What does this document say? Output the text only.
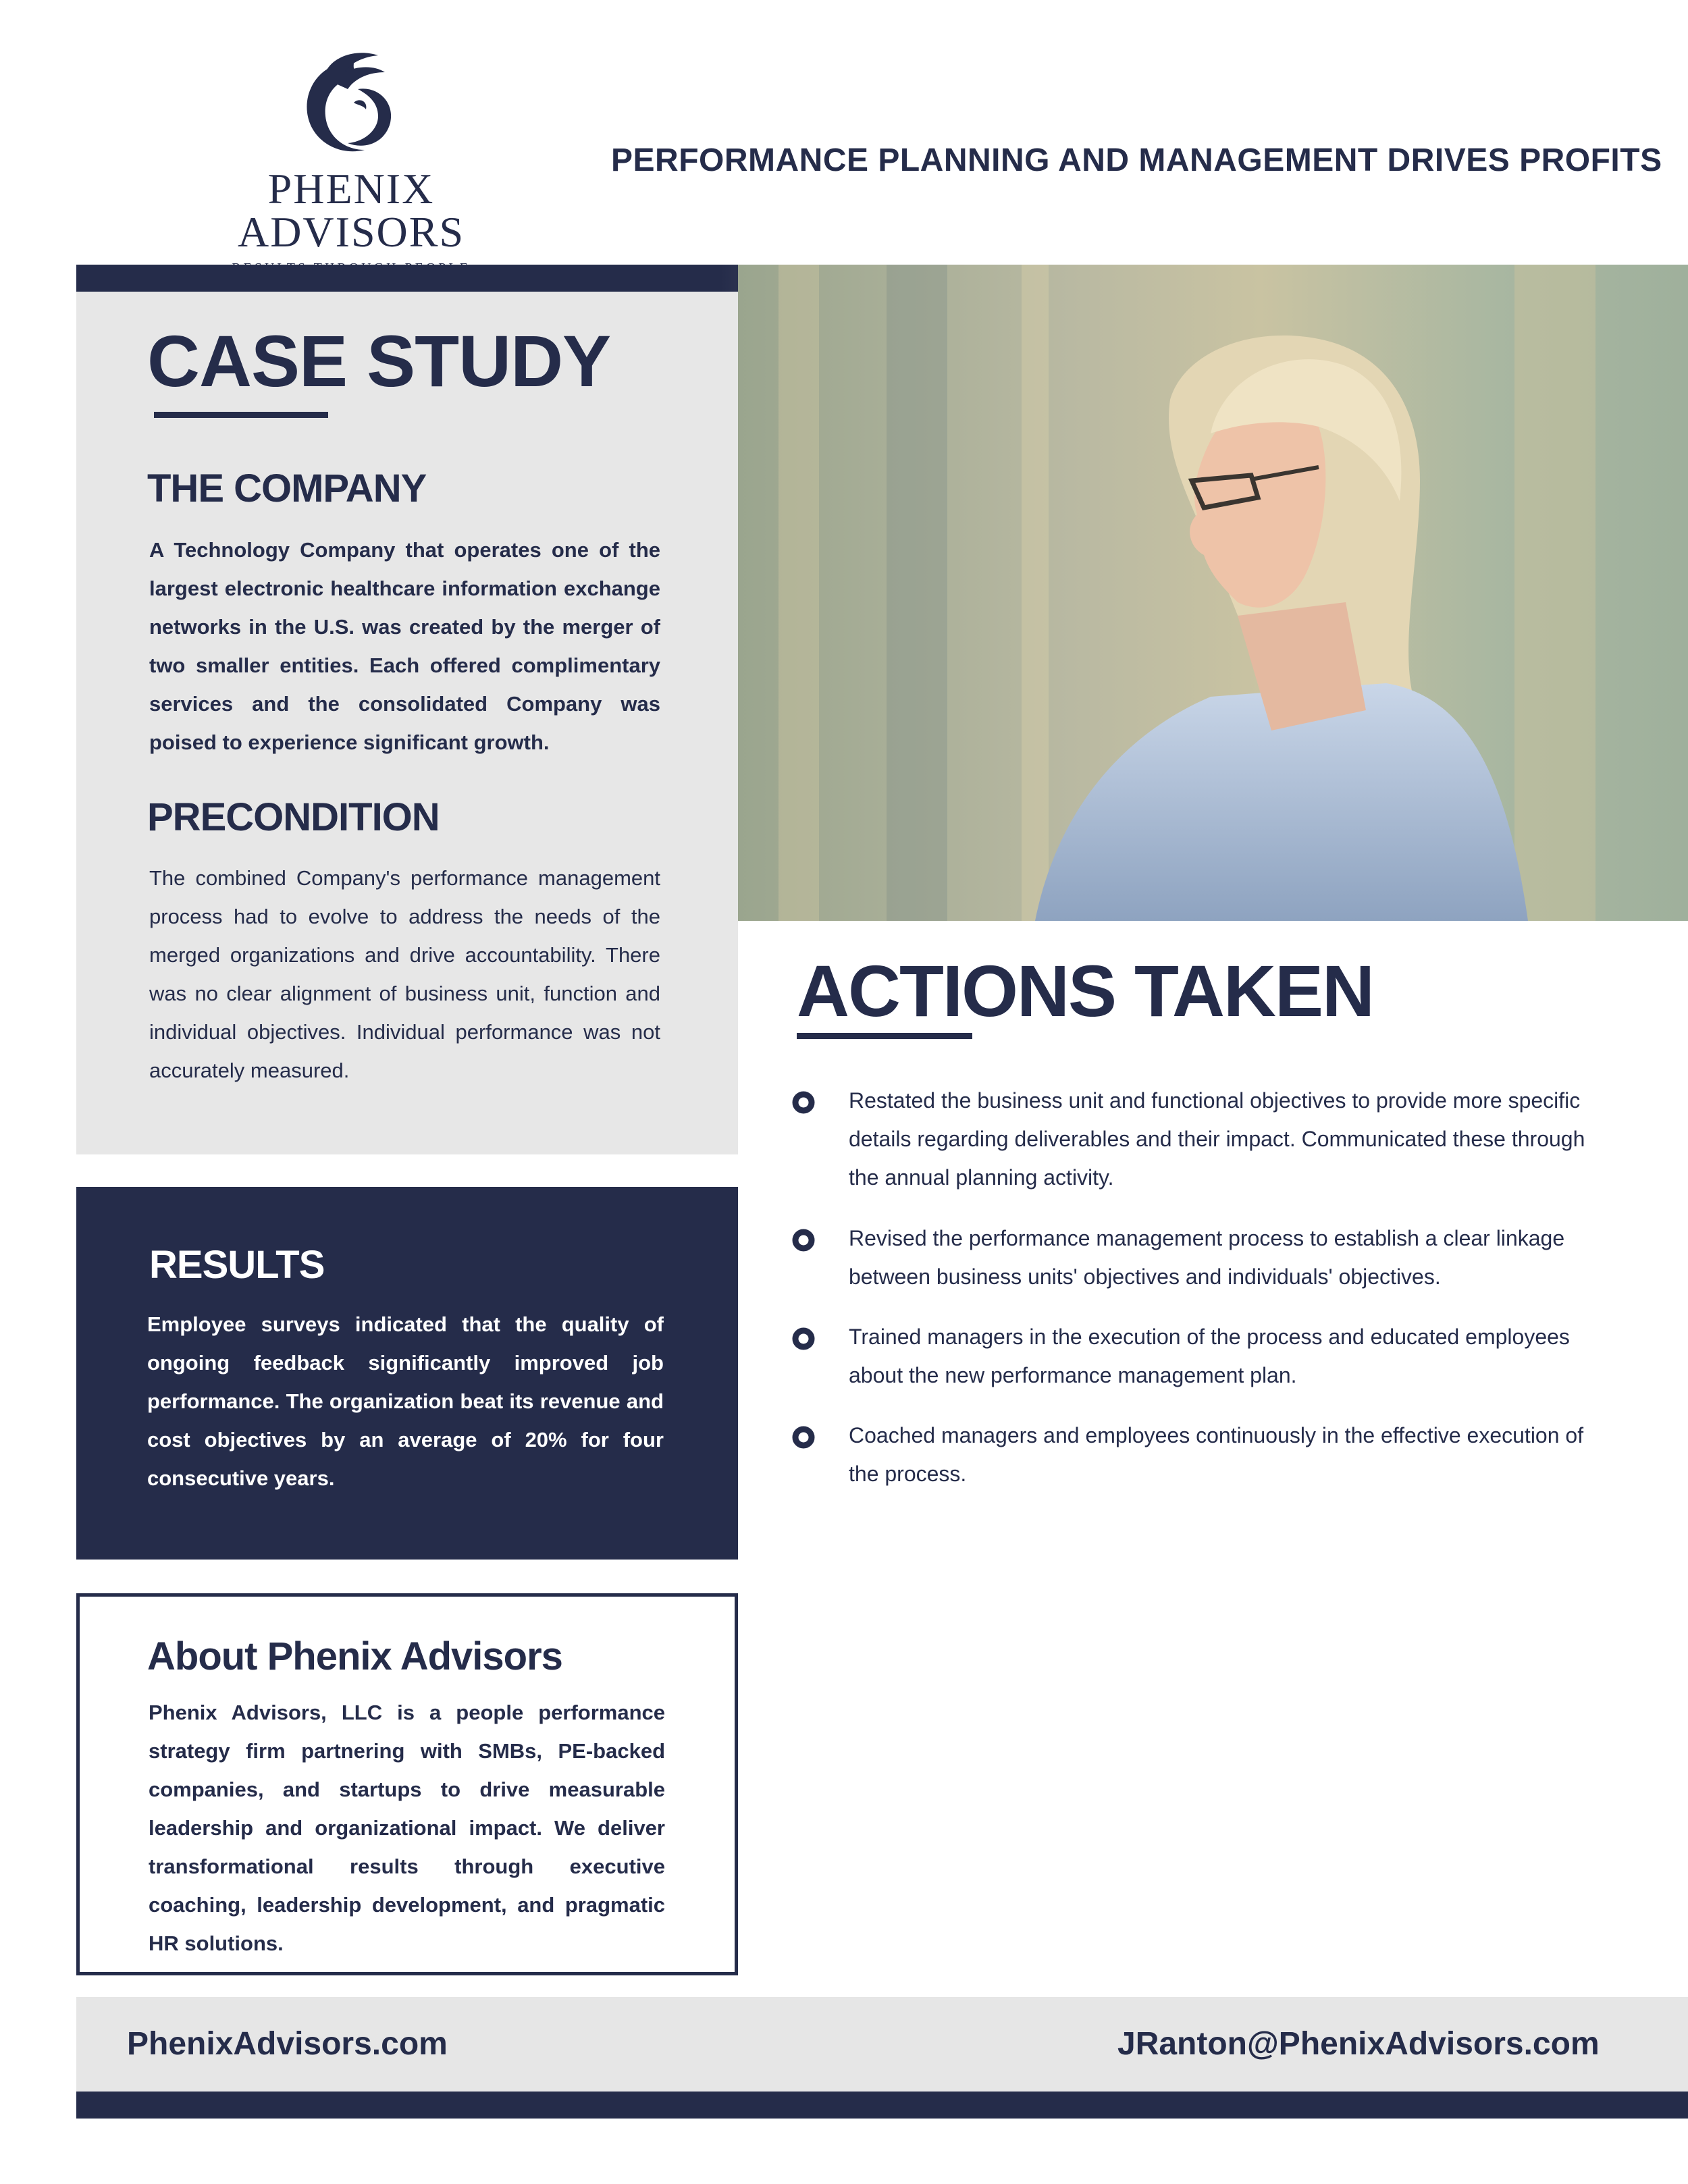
PHENIX ADVISORS
PERFORMANCE PLANNING AND MANAGEMENT DRIVES PROFITS
CASE STUDY
THE COMPANY
A Technology Company that operates one of the largest electronic healthcare information exchange networks in the U.S. was created by the merger of two smaller entities. Each offered complimentary services and the consolidated Company was poised to experience significant growth.
PRECONDITION
The combined Company's performance management process had to evolve to address the needs of the merged organizations and drive accountability. There was no clear alignment of business unit, function and individual objectives. Individual performance was not accurately measured.
RESULTS
Employee surveys indicated that the quality of ongoing feedback significantly improved job performance. The organization beat its revenue and cost objectives by an average of 20% for four consecutive years.
About Phenix Advisors
Phenix Advisors, LLC is a people performance strategy firm partnering with SMBs, PE-backed companies, and startups to drive measurable leadership and organizational impact. We deliver transformational results through executive coaching, leadership development, and pragmatic HR solutions.
ACTIONS TAKEN
Restated the business unit and functional objectives to provide more specific details regarding deliverables and their impact. Communicated these through the annual planning activity.
Revised the performance management process to establish a clear linkage between business units' objectives and individuals' objectives.
Trained managers in the execution of the process and educated employees about the new performance management plan.
Coached managers and employees continuously in the effective execution of the process.
PhenixAdvisors.com	JRanton@PhenixAdvisors.com
